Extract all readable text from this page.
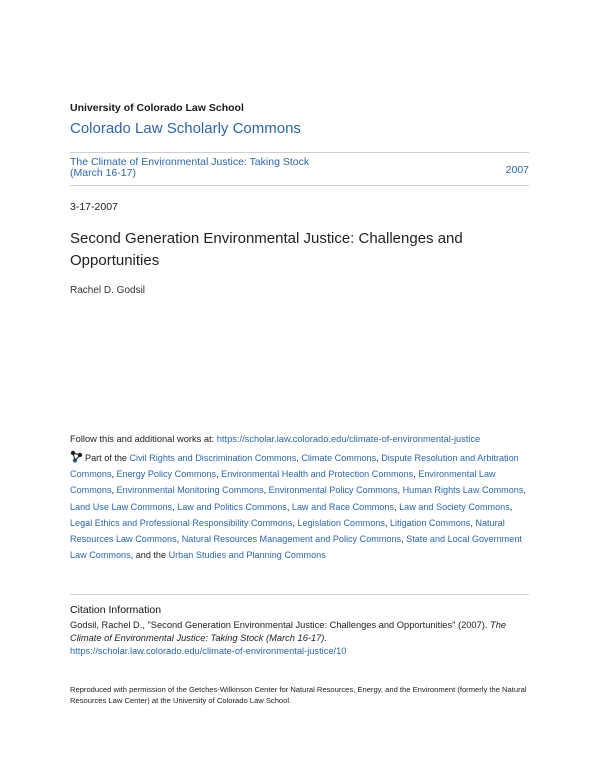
University of Colorado Law School
Colorado Law Scholarly Commons
The Climate of Environmental Justice: Taking Stock (March 16-17)	2007
3-17-2007
Second Generation Environmental Justice: Challenges and Opportunities
Rachel D. Godsil
Follow this and additional works at: https://scholar.law.colorado.edu/climate-of-environmental-justice
Part of the Civil Rights and Discrimination Commons, Climate Commons, Dispute Resolution and Arbitration Commons, Energy Policy Commons, Environmental Health and Protection Commons, Environmental Law Commons, Environmental Monitoring Commons, Environmental Policy Commons, Human Rights Law Commons, Land Use Law Commons, Law and Politics Commons, Law and Race Commons, Law and Society Commons, Legal Ethics and Professional Responsibility Commons, Legislation Commons, Litigation Commons, Natural Resources Law Commons, Natural Resources Management and Policy Commons, State and Local Government Law Commons, and the Urban Studies and Planning Commons
Citation Information
Godsil, Rachel D., "Second Generation Environmental Justice: Challenges and Opportunities" (2007). The Climate of Environmental Justice: Taking Stock (March 16-17).
https://scholar.law.colorado.edu/climate-of-environmental-justice/10
Reproduced with permission of the Getches-Wilkinson Center for Natural Resources, Energy, and the Environment (formerly the Natural Resources Law Center) at the University of Colorado Law School.
